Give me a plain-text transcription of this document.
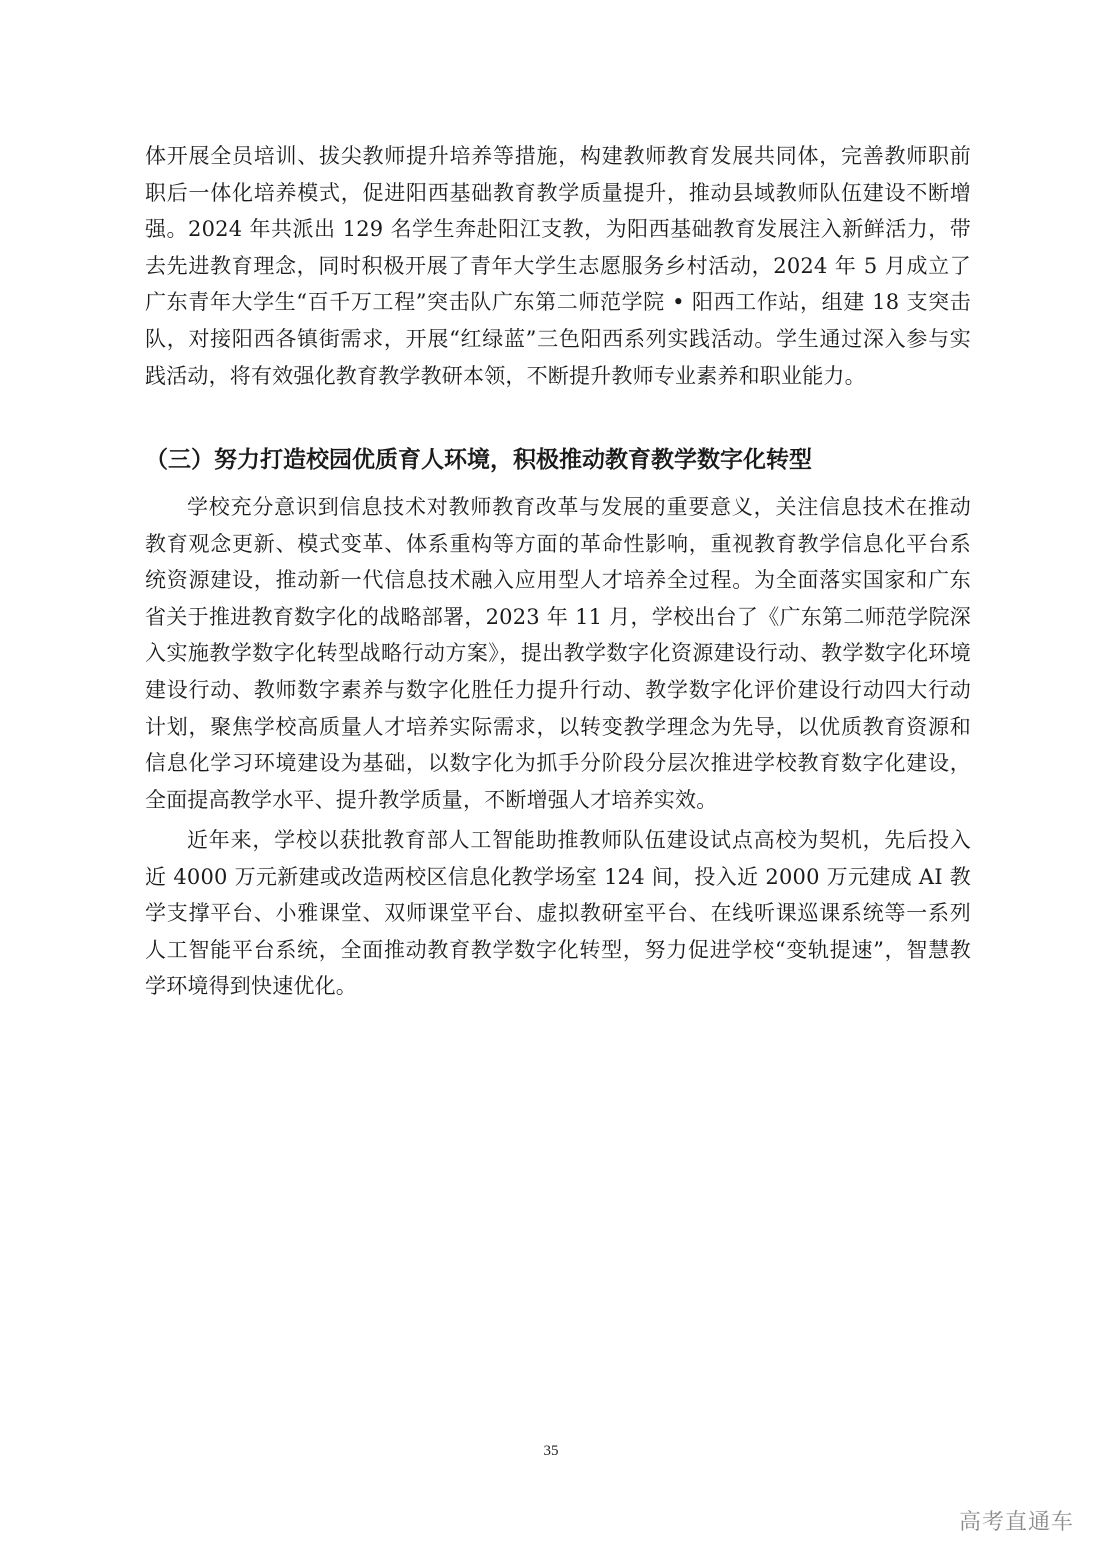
体开展全员培训、拔尖教师提升培养等措施，构建教师教育发展共同体，完善教师职前职后一体化培养模式，促进阳西基础教育教学质量提升，推动县域教师队伍建设不断增强。2024 年共派出 129 名学生奔赴阳江支教，为阳西基础教育发展注入新鲜活力，带去先进教育理念，同时积极开展了青年大学生志愿服务乡村活动，2024 年 5 月成立了广东青年大学生“百千万工程”突击队广东第二师范学院 • 阳西工作站，组建 18 支突击队，对接阳西各镇街需求，开展“红绿蓝”三色阳西系列实践活动。学生通过深入参与实践活动，将有效强化教育教学教研本领，不断提升教师专业素养和职业能力。
（三）努力打造校园优质育人环境，积极推动教育教学数字化转型
学校充分意识到信息技术对教师教育改革与发展的重要意义，关注信息技术在推动教育观念更新、模式变革、体系重构等方面的革命性影响，重视教育教学信息化平台系统资源建设，推动新一代信息技术融入应用型人才培养全过程。为全面落实国家和广东省关于推进教育数字化的战略部署，2023 年 11 月，学校出台了《广东第二师范学院深入实施教学数字化转型战略行动方案》，提出教学数字化资源建设行动、教学数字化环境建设行动、教师数字素养与数字化胜任力提升行动、教学数字化评价建设行动四大行动计划，聚焦学校高质量人才培养实际需求，以转变教学理念为先导，以优质教育资源和信息化学习环境建设为基础，以数字化为抓手分阶段分层次推进学校教育数字化建设，全面提高教学水平、提升教学质量，不断增强人才培养实效。
近年来，学校以获批教育部人工智能助推教师队伍建设试点高校为契机，先后投入近 4000 万元新建或改造两校区信息化教学场室 124 间，投入近 2000 万元建成 AI 教学支撑平台、小雅课堂、双师课堂平台、虚拟教研室平台、在线听课巡课系统等一系列人工智能平台系统，全面推动教育教学数字化转型，努力促进学校“变轨提速”，智慧教学环境得到快速优化。
35
高考直通车
